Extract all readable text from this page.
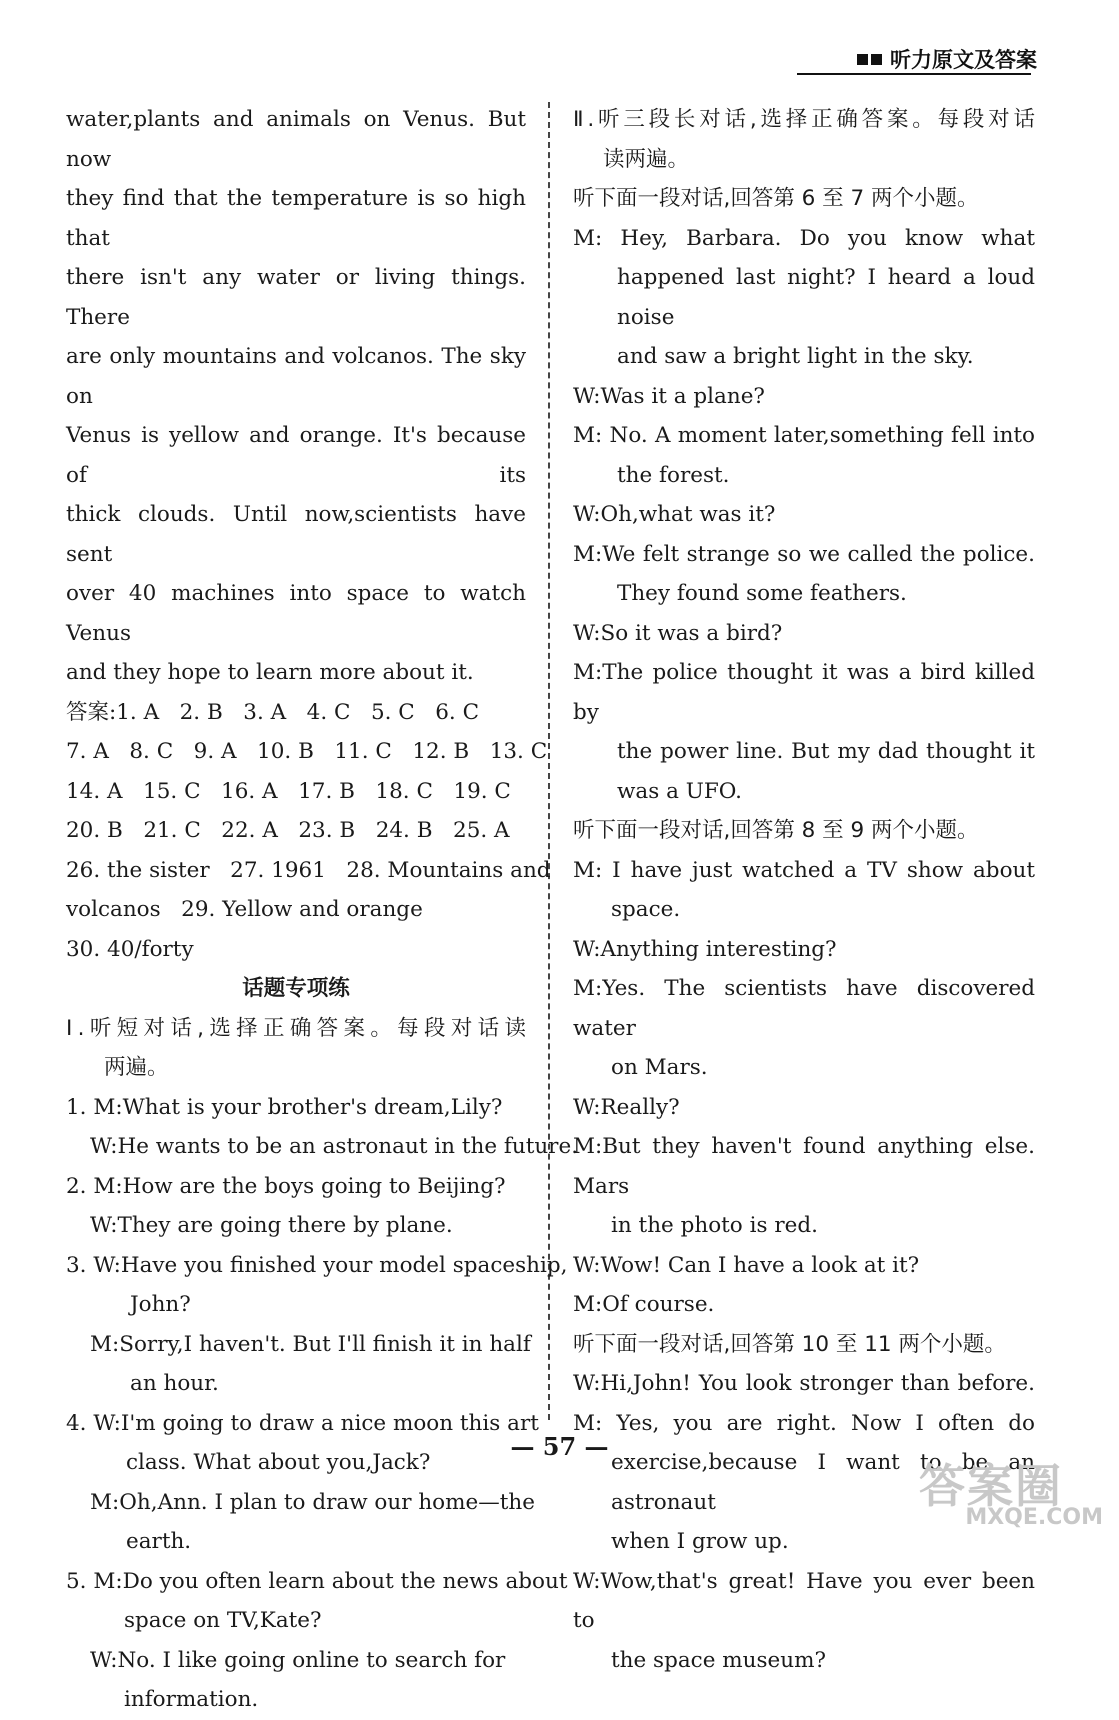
听力原文及答案
water,plants and animals on Venus. But now
they find that the temperature is so high that
there isn't any water or living things. There
are only mountains and volcanos. The sky on
Venus is yellow and orange. It's because of its
thick clouds. Until now,scientists have sent
over 40 machines into space to watch Venus
and they hope to learn more about it.
答案:1. A   2. B   3. A   4. C   5. C   6. C
7. A   8. C   9. A   10. B   11. C   12. B   13. C
14. A   15. C   16. A   17. B   18. C   19. C
20. B   21. C   22. A   23. B   24. B   25. A
26. the sister   27. 1961   28. Mountains and
volcanos   29. Yellow and orange
30. 40/forty
话题专项练
Ⅰ.听短对话,选择正确答案。每段对话读
两遍。
1. M:What is your brother's dream,Lily?
W:He wants to be an astronaut in the future.
2. M:How are the boys going to Beijing?
W:They are going there by plane.
3. W:Have you finished your model spaceship,
John?
M:Sorry,I haven't. But I'll finish it in half
an hour.
4. W:I'm going to draw a nice moon this art
class. What about you,Jack?
M:Oh,Ann. I plan to draw our home—the
earth.
5. M:Do you often learn about the news about
space on TV,Kate?
W:No. I like going online to search for
information.
Ⅱ.听三段长对话,选择正确答案。每段对话
读两遍。
听下面一段对话,回答第 6 至 7 两个小题。
M: Hey, Barbara. Do you know what
happened last night? I heard a loud noise
and saw a bright light in the sky.
W:Was it a plane?
M: No. A moment later,something fell into
the forest.
W:Oh,what was it?
M:We felt strange so we called the police.
They found some feathers.
W:So it was a bird?
M:The police thought it was a bird killed by
the power line. But my dad thought it
was a UFO.
听下面一段对话,回答第 8 至 9 两个小题。
M: I have just watched a TV show about
space.
W:Anything interesting?
M:Yes. The scientists have discovered water
on Mars.
W:Really?
M:But they haven't found anything else. Mars
in the photo is red.
W:Wow! Can I have a look at it?
M:Of course.
听下面一段对话,回答第 10 至 11 两个小题。
W:Hi,John! You look stronger than before.
M: Yes, you are right. Now I often do
exercise,because I want to be an astronaut
when I grow up.
W:Wow,that's great! Have you ever been to
the space museum?
— 57 —
答案圈
MXQE.COM
